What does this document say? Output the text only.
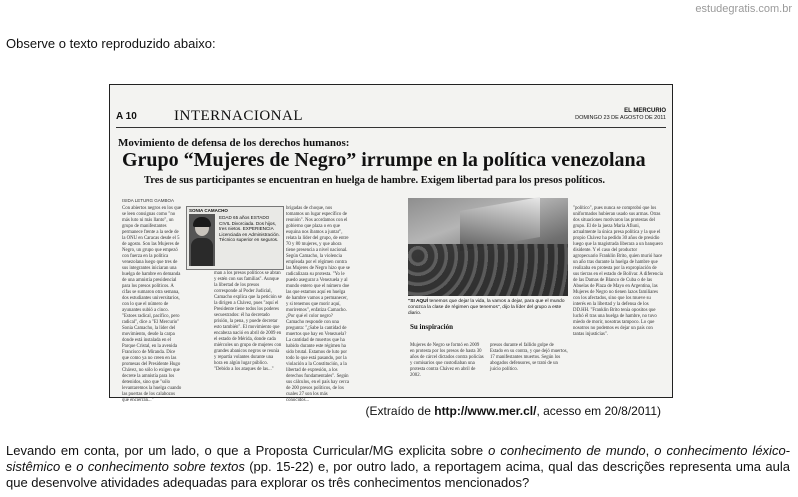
estudegratis.com.br
Observe o texto reproduzido abaixo:
A 10 INTERNACIONAL	EL MERCURIO
DOMINGO 23 DE AGOSTO DE 2011
Movimiento de defensa de los derechos humanos:
Grupo “Mujeres de Negro” irrumpe en la política venezolana
Tres de sus participantes se encuentran en huelga de hambre. Exigem libertad para los presos políticos.
ISIDA LETURG GAMBOA
Con abiertos negros en los que se leen consignas como "no más luto ni más llanto", un grupo de manifestantes permanece frente a la sede de la ONU en Caracas desde el 5 de agosto. Son las Mujeres de Negro, un grupo que empezó con fuerza en la política venezolana luego que tres de sus integrantes iniciaran una huelga de hambre en demanda de una amnistía presidencial para los presos políticos. A cifas se sumaron otra semana, dos estudiantes universitarios, con lo que el número de ayunantes subió a cinco. "Estoes radical, pacífico, pero radical", dice a "El Mercurio" Sonia Camacho, la líder del movimiento, desde la carpa donde está instalada en el Parque Cristal, en la avenida Francisco de Miranda. Dice que como ya no creen en las promesas del Presidente Hugo Chávez, no sólo lo exigen que decrete la amnistía para los detenidos, sino que "sólo levantaremos la huelga cuando las puertas de los calabozos que encierran..."
SONIA CAMACHO
EDAD 65 años ESTADO CIVIL Divorciada. Dos hijos, tres nietos. EXPERIENCIA Licenciada en Administración. Técnico superior en seguros.
man a los presos políticos se abran y estén con sus familias". Aunque la libertad de los presos corresponde al Poder Judicial, Camacho explica que la petición se la dirigen a Chávez, pues "aquí el Presidente tiene todos los poderes secuestrados: él ha decretado prisión, la pena, y puede decretar esto también". El movimiento que encabeza nació en abril de 2009 en el estado de Mérida, donde cada miércoles un grupo de mujeres con grandes abanicos negros se reunía y repartía volantes durante una hora en algún lugar público. "Debido a los ataques de las..."
brigadas de choque, nos tomamos un lugar específico de reunión". Nos acordamos con el gobierno que plaza o en que esquina nos íbamos a juntar", relata la líder del grupo, de entre 70 y 80 mujeres, y que ahora tiene presencia a nivel nacional. Según Camacho, la violencia empleada por el régimen contra las Mujeres de Negro hizo que se radicalizara su protesta. "Yo le puedo asegurar a Venezuela y al mundo entero que el número doe las que estamos aquí en huelga de hambre vamos a permanecer, y si tenemos que morir aquí, moriremos", enfatiza Camacho. ¿Por qué el color negro? Camacho responde con una pregunta: "¿Sabe la cantidad de muertos que hay en Venezuela? La cantidad de muertos que ha habido durante este régimen ha sido brutal. Estamos de luto por todo lo que está pasando, por la violación a la Constitución, a la libertad de expresión, a los derechos fundamentales". Según sus cálculos, en el país hay cerca de 200 presos políticos, de los cuales 27 son los más conocidos...
"SI AQUÍ tenemos que dejar la vida, la vamos a dejar, para que el mundo conozca la clase de régimen que tenemos", dijo la líder del grupo a este diario.
Su inspiración
Mujeres de Negro se formó en 2009 en protesta por los presos de hasta 30 años de cárcel dictados contra policías y comisarios que custodiaban una protesta contra Chávez en abril de 2002.
presos durante el fallido golpe de Estado en su contra, y que dejó muertos, 17 manifestantes muertos. Según los abogados defensores, se trató de un juicio político.
"político", pues nunca se comprobó que los uniformados hubieran usado sus armas. Otras dos situaciones motivaron las protestas del grupo. El de la jueza María Afiuni, actualmente la única presa política y la que el propio Chávez ha pedido 30 años de presidio luego que la magistrada liberara a un banquero disidente. Y el caso del productor agropecuario Franklin Brito, quien murió hace un año tras durante la huelga de hambre que realizaba en protesta por la expropiación de sus tierras en el estado de Bolívar. A diferencia de las Damas de Blanco de Cuba o de las Abuelas de Plaza de Mayo en Argentina, las Mujeres de Negro no tienen lazos familiares con los afectados, sino que los mueve su interés en la libertad y la defensa de los DD.HH. "Franklin Brito tenía opositos que luchó él tras una huelga de hambre, no tuvo miedo de morir, nosotras tampoco. Lo que nosotros no podemos es dejar un país con tantas injusticias".
(Extraído de http://www.mer.cl/, acesso em 20/8/2011)
Levando em conta, por um lado, o que a Proposta Curricular/MG explicita sobre o conhecimento de mundo, o conhecimento léxico-sistêmico e o conhecimento sobre textos (pp. 15-22) e, por outro lado, a reportagem acima, qual das descrições representa uma aula que desenvolve atividades adequadas para explorar os três conhecimentos mencionados?
